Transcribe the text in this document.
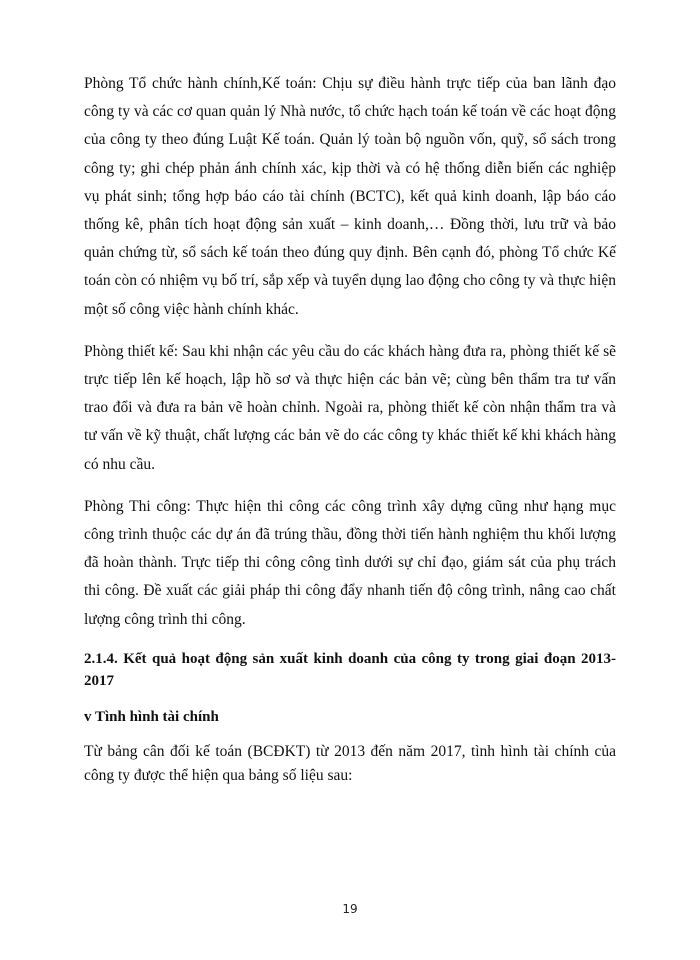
Phòng Tổ chức hành chính,Kế toán: Chịu sự điều hành trực tiếp của ban lãnh đạo công ty và các cơ quan quản lý Nhà nước, tổ chức hạch toán kế toán về các hoạt động của công ty theo đúng Luật Kế toán. Quản lý toàn bộ nguồn vốn, quỹ, sổ sách trong công ty; ghi chép phản ánh chính xác, kịp thời và có hệ thống diễn biến các nghiệp vụ phát sinh; tổng hợp báo cáo tài chính (BCTC), kết quả kinh doanh, lập báo cáo thống kê, phân tích hoạt động sản xuất – kinh doanh,… Đồng thời, lưu trữ và bảo quản chứng từ, sổ sách kế toán theo đúng quy định. Bên cạnh đó, phòng Tổ chức Kế toán còn có nhiệm vụ bố trí, sắp xếp và tuyển dụng lao động cho công ty và thực hiện một số công việc hành chính khác.

Phòng thiết kế: Sau khi nhận các yêu cầu do các khách hàng đưa ra, phòng thiết kế sẽ trực tiếp lên kế hoạch, lập hồ sơ và thực hiện các bản vẽ; cùng bên thẩm tra tư vấn trao đổi và đưa ra bản vẽ hoàn chỉnh. Ngoài ra, phòng thiết kế còn nhận thẩm tra và tư vấn về kỹ thuật, chất lượng các bản vẽ do các công ty khác thiết kế khi khách hàng có nhu cầu.

Phòng Thi công: Thực hiện thi công các công trình xây dựng cũng như hạng mục công trình thuộc các dự án đã trúng thầu, đồng thời tiến hành nghiệm thu khối lượng đã hoàn thành. Trực tiếp thi công công tình dưới sự chỉ đạo, giám sát của phụ trách thi công. Đề xuất các giải pháp thi công đẩy nhanh tiến độ công trình, nâng cao chất lượng công trình thi công.

2.1.4. Kết quả hoạt động sản xuất kinh doanh của công ty trong giai đoạn 2013-2017
v Tình hình tài chính

Từ bảng cân đối kế toán (BCĐKT) từ 2013 đến năm 2017, tình hình tài chính của công ty được thể hiện qua bảng số liệu sau:

19
